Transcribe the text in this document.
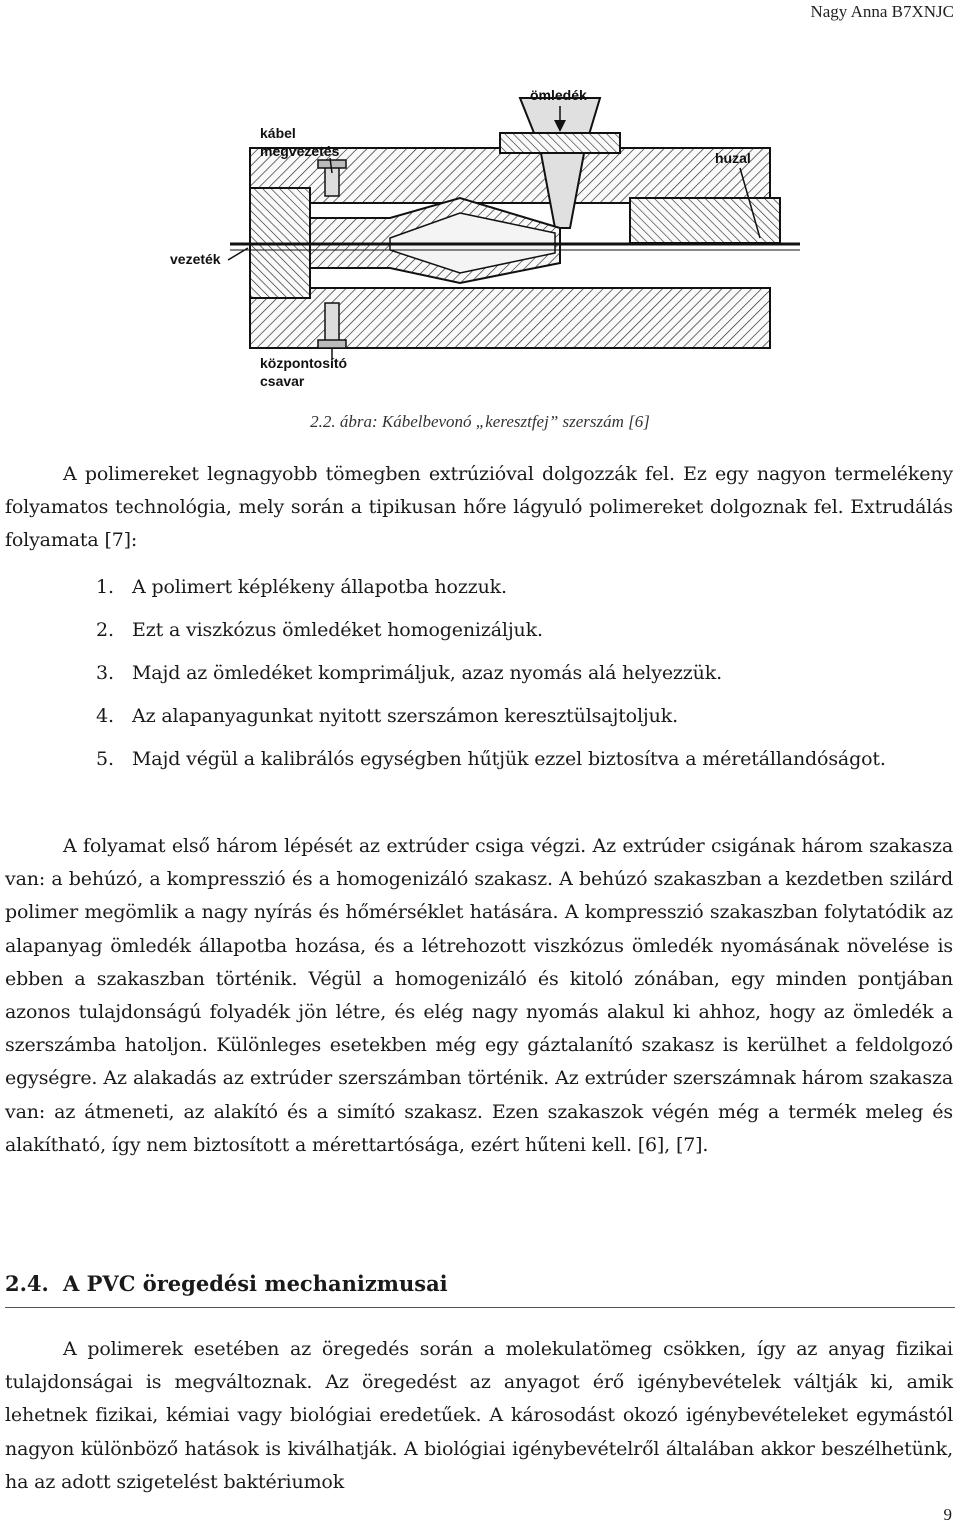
Nagy Anna B7XNJC
ömledék
kábel
megvezetés	huzal
vezeték
központosító
csavar
2.2. ábra: Kábelbevonó „keresztfej” szerszám [6]
A polimereket legnagyobb tömegben extrúzióval dolgozzák fel. Ez egy nagyon termelékeny folyamatos technológia, mely során a tipikusan hőre lágyuló polimereket dolgoznak fel. Extrudálás folyamata [7]:
1. A polimert képlékeny állapotba hozzuk.
2. Ezt a viszkózus ömledéket homogenizáljuk.
3. Majd az ömledéket komprimáljuk, azaz nyomás alá helyezzük.
4. Az alapanyagunkat nyitott szerszámon keresztülsajtoljuk.
5. Majd végül a kalibrálós egységben hűtjük ezzel biztosítva a méretállandóságot.
A folyamat első három lépését az extrúder csiga végzi. Az extrúder csigának három szakasza van: a behúzó, a kompresszió és a homogenizáló szakasz. A behúzó szakaszban a kezdetben szilárd polimer megömlik a nagy nyírás és hőmérséklet hatására. A kompresszió szakaszban folytatódik az alapanyag ömledék állapotba hozása, és a létrehozott viszkózus ömledék nyomásának növelése is ebben a szakaszban történik. Végül a homogenizáló és kitoló zónában, egy minden pontjában azonos tulajdonságú folyadék jön létre, és elég nagy nyomás alakul ki ahhoz, hogy az ömledék a szerszámba hatoljon. Különleges esetekben még egy gáztalanító szakasz is kerülhet a feldolgozó egységre. Az alakadás az extrúder szerszámban történik. Az extrúder szerszámnak három szakasza van: az átmeneti, az alakító és a simító szakasz. Ezen szakaszok végén még a termék meleg és alakítható, így nem biztosított a mérettartósága, ezért hűteni kell. [6], [7].
2.4. A PVC öregedési mechanizmusai
A polimerek esetében az öregedés során a molekulatömeg csökken, így az anyag fizikai tulajdonságai is megváltoznak. Az öregedést az anyagot érő igénybevételek váltják ki, amik lehetnek fizikai, kémiai vagy biológiai eredetűek. A károsodást okozó igénybevételeket egymástól nagyon különböző hatások is kiválhatják. A biológiai igénybevételről általában akkor beszélhetünk, ha az adott szigetelést baktériumok
9
